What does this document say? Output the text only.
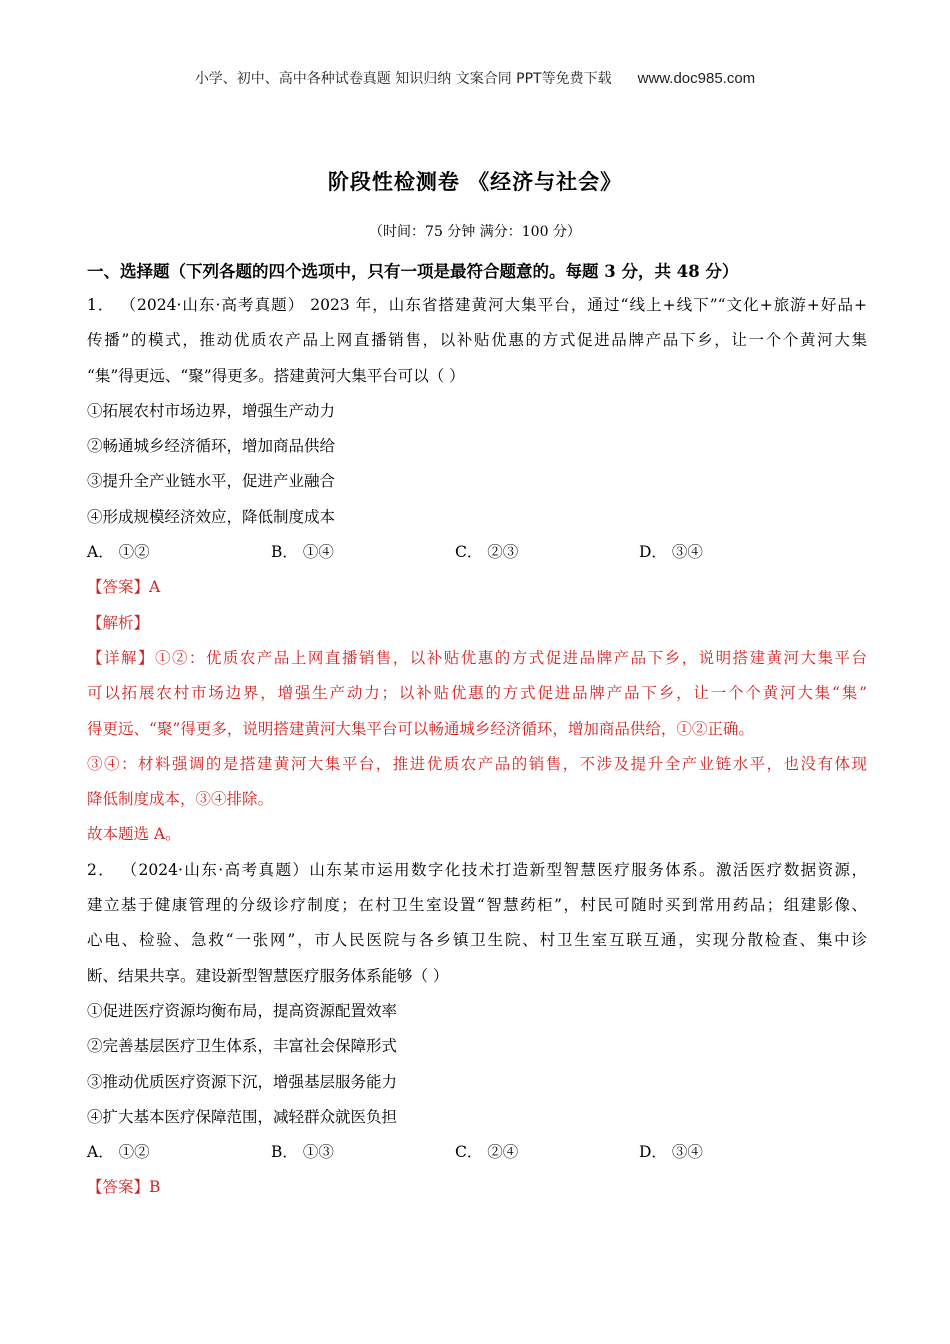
小学、初中、高中各种试卷真题 知识归纳 文案合同 PPT等免费下载 www.doc985.com
阶段性检测卷 《经济与社会》
（时间：75 分钟 满分：100 分）
一、选择题（下列各题的四个选项中，只有一项是最符合题意的。每题 3 分，共 48 分）
1． （2024·山东·高考真题） 2023 年，山东省搭建黄河大集平台，通过“线上+线下”“文化+旅游+好品+
传播”的模式，推动优质农产品上网直播销售，以补贴优惠的方式促进品牌产品下乡，让一个个黄河大集
“集”得更远、“聚”得更多。搭建黄河大集平台可以（ ）
①拓展农村市场边界，增强生产动力
②畅通城乡经济循环，增加商品供给
③提升全产业链水平，促进产业融合
④形成规模经济效应，降低制度成本
A． ①②	B． ①④	C． ②③	D． ③④
【答案】A
【解析】
【详解】①②：优质农产品上网直播销售，以补贴优惠的方式促进品牌产品下乡，说明搭建黄河大集平台
可以拓展农村市场边界，增强生产动力；以补贴优惠的方式促进品牌产品下乡，让一个个黄河大集“集”
得更远、“聚”得更多，说明搭建黄河大集平台可以畅通城乡经济循环，增加商品供给，①②正确。
③④：材料强调的是搭建黄河大集平台，推进优质农产品的销售，不涉及提升全产业链水平，也没有体现
降低制度成本，③④排除。
故本题选 A。
2． （2024·山东·高考真题）山东某市运用数字化技术打造新型智慧医疗服务体系。激活医疗数据资源，
建立基于健康管理的分级诊疗制度；在村卫生室设置“智慧药柜”，村民可随时买到常用药品；组建影像、
心电、检验、急救“一张网”，市人民医院与各乡镇卫生院、村卫生室互联互通，实现分散检查、集中诊
断、结果共享。建设新型智慧医疗服务体系能够（ ）
①促进医疗资源均衡布局，提高资源配置效率
②完善基层医疗卫生体系，丰富社会保障形式
③推动优质医疗资源下沉，增强基层服务能力
④扩大基本医疗保障范围，减轻群众就医负担
A． ①②	B． ①③	C． ②④	D． ③④
【答案】B
